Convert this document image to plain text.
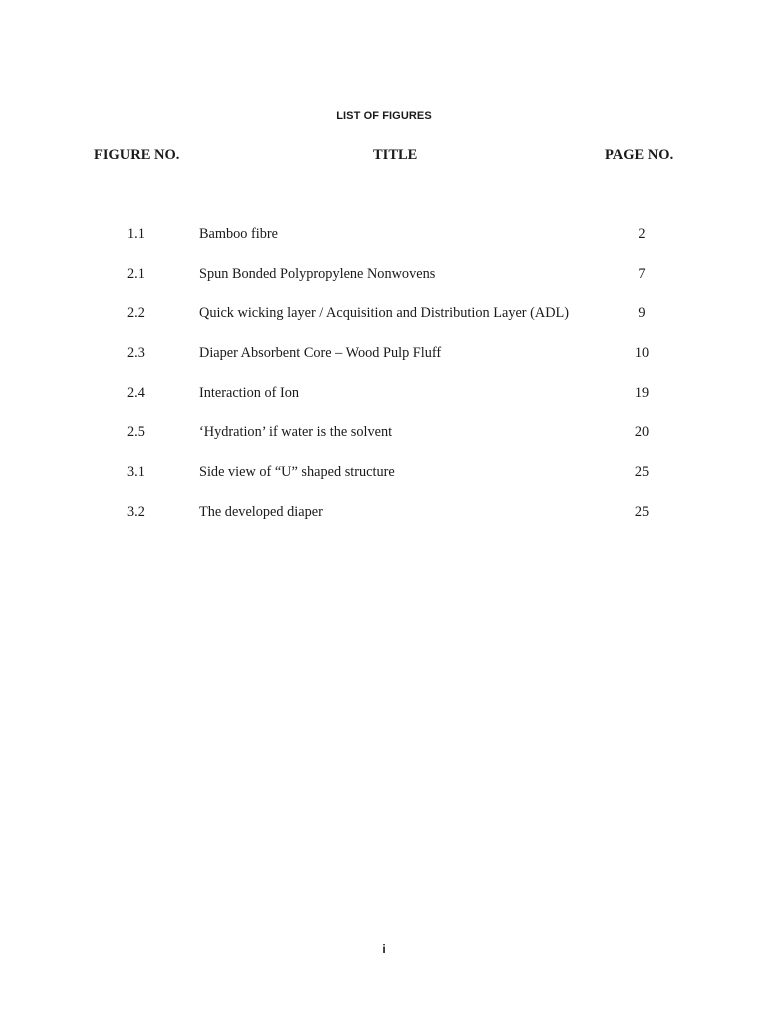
LIST OF FIGURES
FIGURE NO.	TITLE	PAGE NO.
1.1	Bamboo fibre	2
2.1	Spun Bonded Polypropylene Nonwovens	7
2.2	Quick wicking layer / Acquisition and Distribution Layer (ADL)	9
2.3	Diaper Absorbent Core – Wood Pulp Fluff	10
2.4	Interaction of Ion	19
2.5	‘Hydration’ if water is the solvent	20
3.1	Side view of “U” shaped structure	25
3.2	The developed diaper	25
i
